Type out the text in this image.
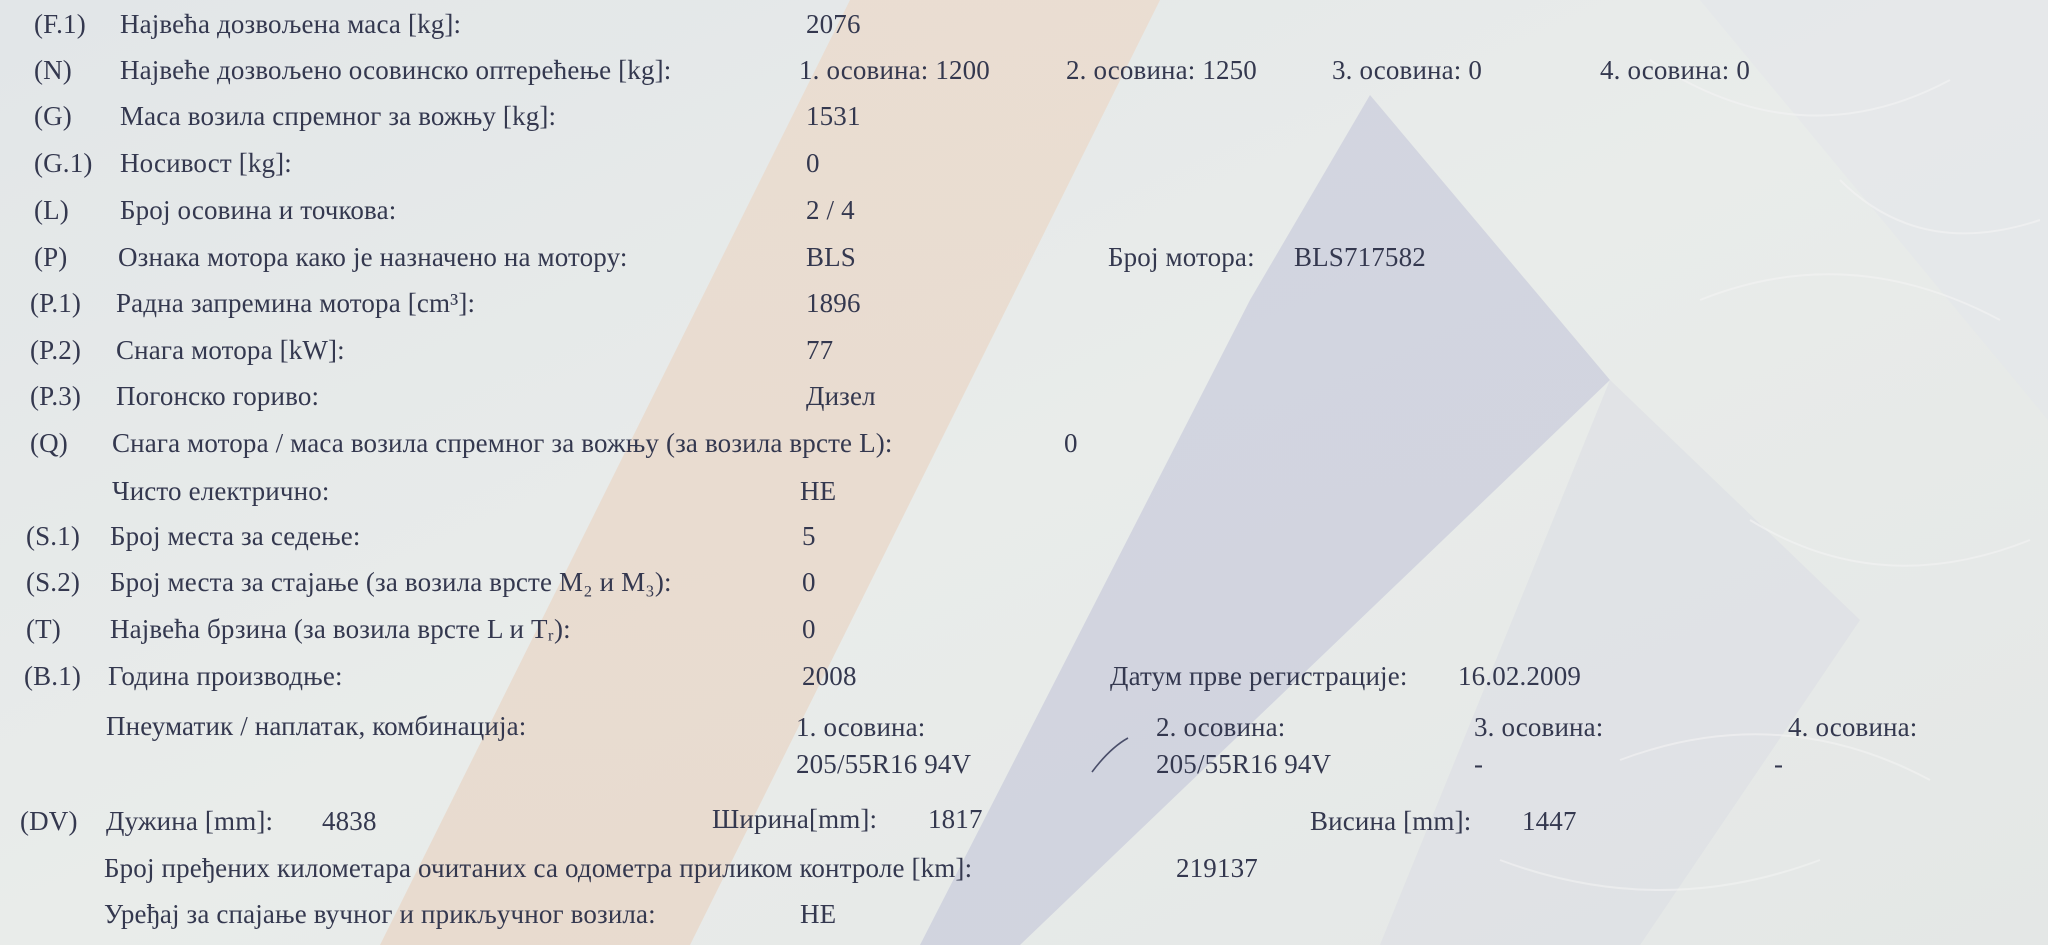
(F.1) Највећа дозвољена маса [kg]:	2076
(N) Највеће дозвољено осовинско оптерећење [kg]:	1. осовина: 1200	2. осовина: 1250	3. осовина: 0	4. осовина: 0
(G) Маса возила спремног за вожњу [kg]:	1531
(G.1) Носивост [kg]:	0
(L) Број осовина и точкова:	2 / 4
(P) Ознака мотора како је назначено на мотору:	BLS	Број мотора: BLS717582
(P.1) Радна запремина мотора [cm³]:	1896
(P.2) Снага мотора [kW]:	77
(P.3) Погонско гориво:	Дизел
(Q) Снага мотора / маса возила спремног за вожњу (за возила врсте L):	0
Чисто електрично:	НЕ
(S.1) Број места за седење:	5
(S.2) Број места за стајање (за возила врсте M₂ и M₃):	0
(T) Највећа брзина (за возила врсте L и Tᵣ):	0
(B.1) Година производње:	2008	Датум прве регистрације: 16.02.2009
Пнеуматик / наплатак, комбинација:	1. осовина:	2. осовина:	3. осовина:	4. осовина:
205/55R16 94V	205/55R16 94V	-	-
(DV) Дужина [mm]: 4838	Ширина[mm]: 1817	Висина [mm]: 1447
Број пређених километара очитаних са одометра приликом контроле [km]:	219137
Уређај за спајање вучног и прикључног возила:	НЕ
